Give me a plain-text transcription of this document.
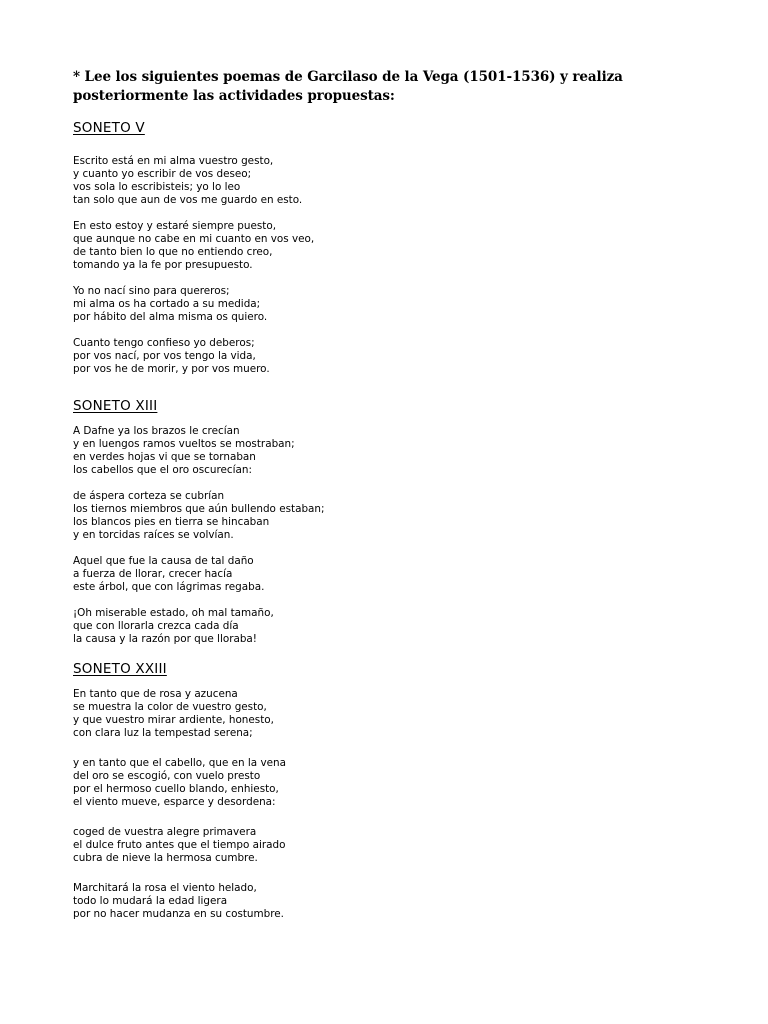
* Lee los siguientes poemas de Garcilaso de la Vega (1501-1536) y realiza posteriormente las actividades propuestas:

SONETO V

Escrito está en mi alma vuestro gesto,
y cuanto yo escribir de vos deseo;
vos sola lo escribisteis; yo lo leo
tan solo que aun de vos me guardo en esto.

En esto estoy y estaré siempre puesto,
que aunque no cabe en mi cuanto en vos veo,
de tanto bien lo que no entiendo creo,
tomando ya la fe por presupuesto.

Yo no nací sino para quereros;
mi alma os ha cortado a su medida;
por hábito del alma misma os quiero.

Cuanto tengo confieso yo deberos;
por vos nací, por vos tengo la vida,
por vos he de morir, y por vos muero.

SONETO XIII

A Dafne ya los brazos le crecían
y en luengos ramos vueltos se mostraban;
en verdes hojas vi que se tornaban
los cabellos que el oro oscurecían:

de áspera corteza se cubrían
los tiernos miembros que aún bullendo estaban;
los blancos pies en tierra se hincaban
y en torcidas raíces se volvían.

Aquel que fue la causa de tal daño
a fuerza de llorar, crecer hacía
este árbol, que con lágrimas regaba.

¡Oh miserable estado, oh mal tamaño,
que con llorarla crezca cada día
la causa y la razón por que lloraba!

SONETO XXIII

En tanto que de rosa y azucena
se muestra la color de vuestro gesto,
y que vuestro mirar ardiente, honesto,
con clara luz la tempestad serena;

y en tanto que el cabello, que en la vena
del oro se escogió, con vuelo presto
por el hermoso cuello blando, enhiesto,
el viento mueve, esparce y desordena:

coged de vuestra alegre primavera
el dulce fruto antes que el tiempo airado
cubra de nieve la hermosa cumbre.

Marchitará la rosa el viento helado,
todo lo mudará la edad ligera
por no hacer mudanza en su costumbre.
